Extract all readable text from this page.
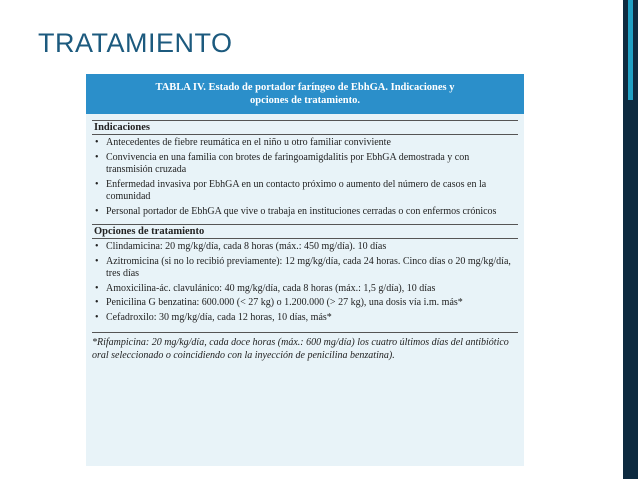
TRATAMIENTO
TABLA IV. Estado de portador faríngeo de EbhGA. Indicaciones y
opciones de tratamiento.
Indicaciones
• Antecedentes de fiebre reumática en el niño u otro familiar conviviente
• Convivencia en una familia con brotes de faringoamigdalitis por EbhGA demostrada y con transmisión cruzada
• Enfermedad invasiva por EbhGA en un contacto próximo o aumento del número de casos en la comunidad
• Personal portador de EbhGA que vive o trabaja en instituciones cerradas o con enfermos crónicos
Opciones de tratamiento
• Clindamicina: 20 mg/kg/día, cada 8 horas (máx.: 450 mg/día). 10 días
• Azitromicina (si no lo recibió previamente): 12 mg/kg/día, cada 24 horas. Cinco días o 20 mg/kg/día, tres días
• Amoxicilina-ác. clavulánico: 40 mg/kg/día, cada 8 horas (máx.: 1,5 g/día), 10 días
• Penicilina G benzatina: 600.000 (< 27 kg) o 1.200.000 (> 27 kg), una dosis vía i.m. más*
• Cefadroxilo: 30 mg/kg/día, cada 12 horas, 10 días, más*
*Rifampicina: 20 mg/kg/día, cada doce horas (máx.: 600 mg/día) los cuatro últimos días del antibiótico oral seleccionado o coincidiendo con la inyección de penicilina benzatina).
